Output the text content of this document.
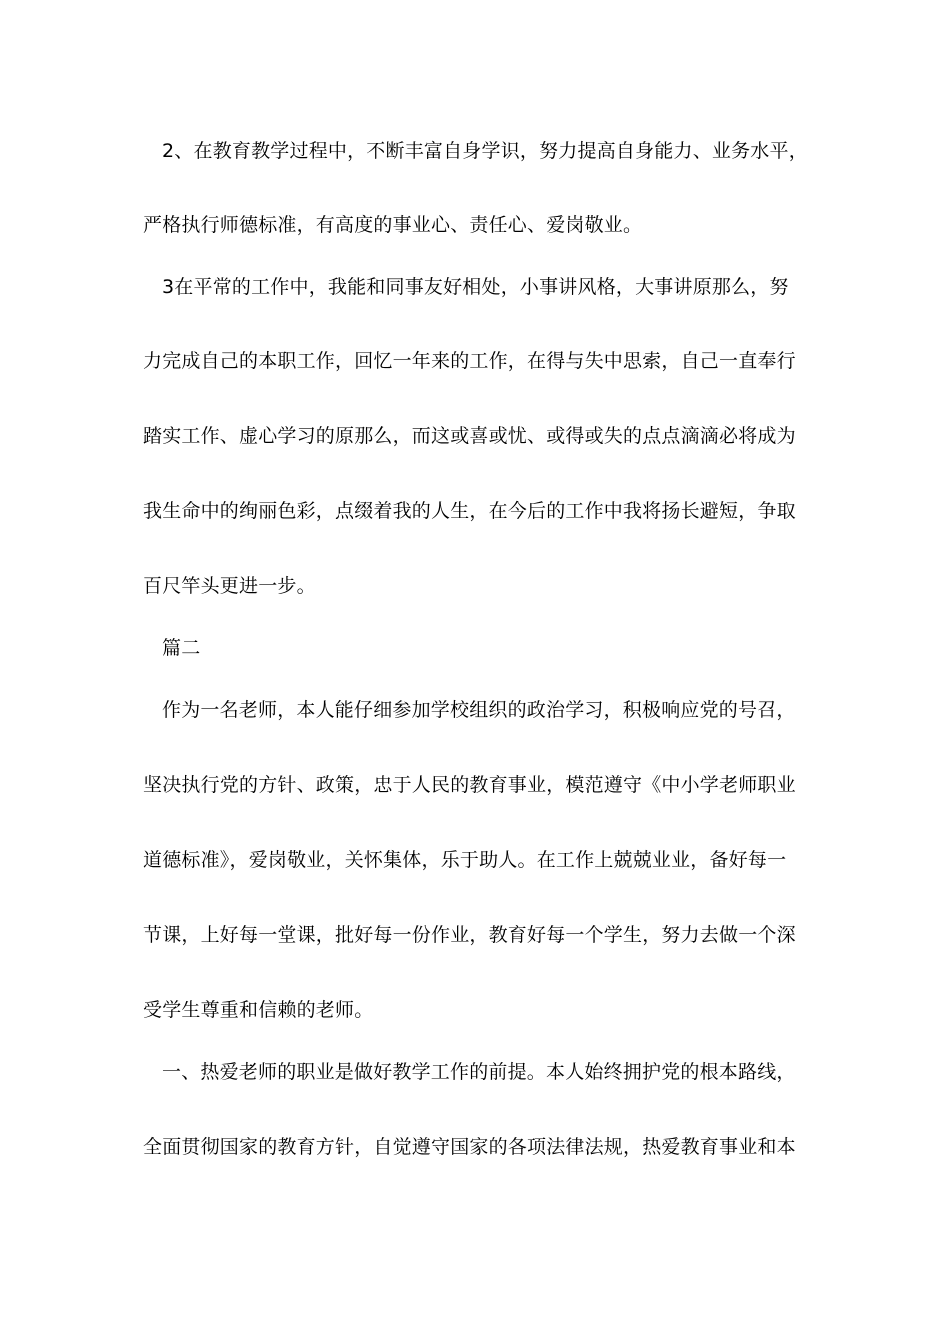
2、在教育教学过程中，不断丰富自身学识，努力提高自身能力、业务水平，
严格执行师德标准，有高度的事业心、责任心、爱岗敬业。
3在平常的工作中，我能和同事友好相处，小事讲风格，大事讲原那么，努
力完成自己的本职工作，回忆一年来的工作，在得与失中思索，自己一直奉行
踏实工作、虚心学习的原那么，而这或喜或忧、或得或失的点点滴滴必将成为
我生命中的绚丽色彩，点缀着我的人生，在今后的工作中我将扬长避短，争取
百尺竿头更进一步。
篇二
作为一名老师，本人能仔细参加学校组织的政治学习，积极响应党的号召，
坚决执行党的方针、政策，忠于人民的教育事业，模范遵守《中小学老师职业
道德标准》，爱岗敬业，关怀集体，乐于助人。在工作上兢兢业业，备好每一
节课，上好每一堂课，批好每一份作业，教育好每一个学生，努力去做一个深
受学生尊重和信赖的老师。
一、热爱老师的职业是做好教学工作的前提。本人始终拥护党的根本路线，
全面贯彻国家的教育方针，自觉遵守国家的各项法律法规，热爱教育事业和本
